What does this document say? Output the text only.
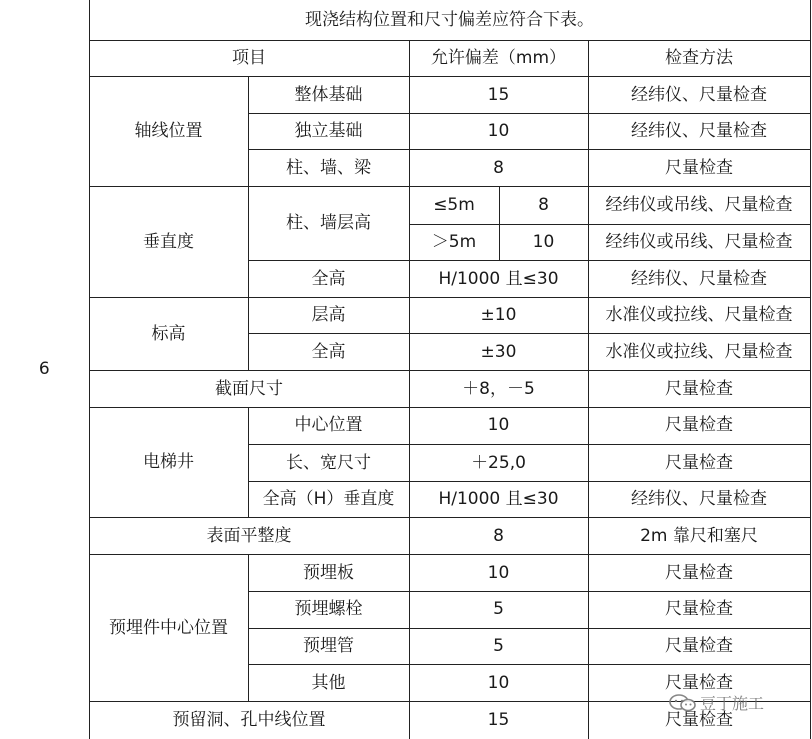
6	现浇结构位置和尺寸偏差应符合下表。				
	项目		允许偏差（mm）		检查方法
	轴线位置	整体基础	15		经纬仪、尺量检查
		独立基础	10		经纬仪、尺量检查
		柱、墙、梁	8		尺量检查
	垂直度	柱、墙层高	≤5m	8	经纬仪或吊线、尺量检查
			＞5m	10	经纬仪或吊线、尺量检查
		全高	H/1000 且≤30		经纬仪、尺量检查
	标高	层高	±10		水准仪或拉线、尺量检查
		全高	±30		水准仪或拉线、尺量检查
	截面尺寸		＋8，－5		尺量检查
	电梯井	中心位置	10		尺量检查
		长、宽尺寸	＋25,0		尺量检查
		全高（H）垂直度	H/1000 且≤30		经纬仪、尺量检查
	表面平整度		8		2m 靠尺和塞尺
	预埋件中心位置	预埋板	10		尺量检查
		预埋螺栓	5		尺量检查
		预埋管	5		尺量检查
		其他	10		尺量检查
	预留洞、孔中线位置		15		尺量检查
豆丁施工
